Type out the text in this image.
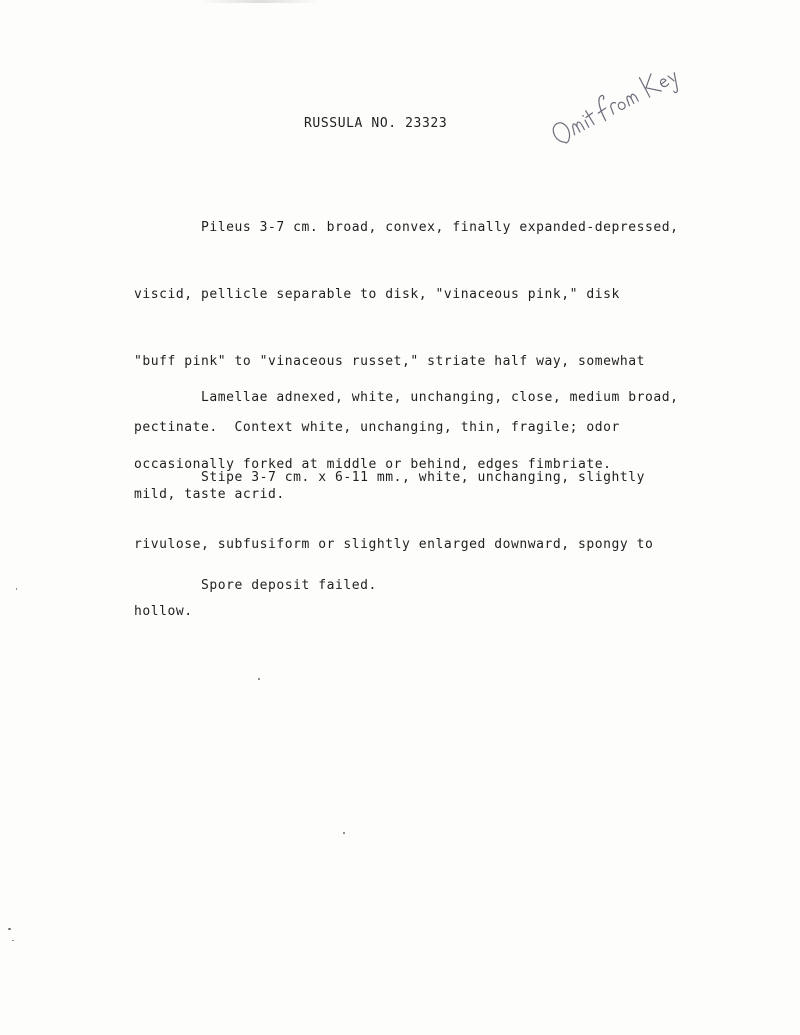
RUSSULA NO. 23323

Pileus 3-7 cm. broad, convex, finally expanded-depressed,

viscid, pellicle separable to disk, "vinaceous pink," disk

"buff pink" to "vinaceous russet," striate half way, somewhat

pectinate.  Context white, unchanging, thin, fragile; odor

mild, taste acrid.

Lamellae adnexed, white, unchanging, close, medium broad,

occasionally forked at middle or behind, edges fimbriate.

Stipe 3-7 cm. x 6-11 mm., white, unchanging, slightly

rivulose, subfusiform or slightly enlarged downward, spongy to

hollow.

Spore deposit failed.
